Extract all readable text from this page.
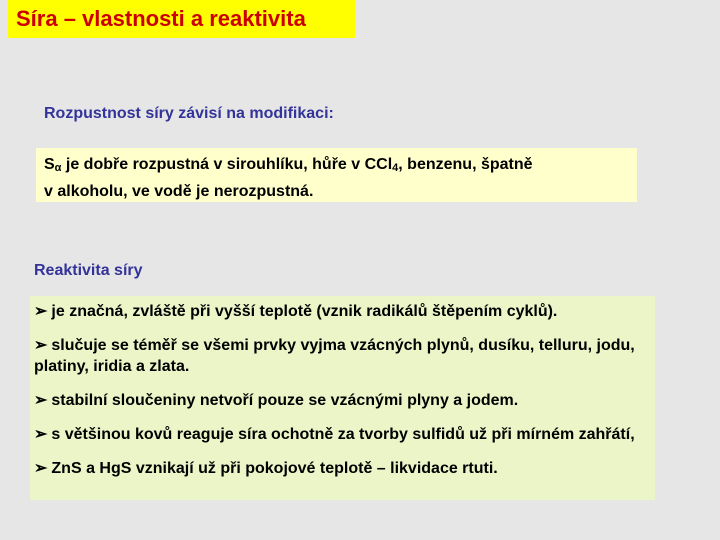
Síra – vlastnosti a reaktivita
Rozpustnost síry závisí na modifikaci:
$S_\alpha$ je dobře rozpustná v sirouhlíku, hůře v CCl$_4$, benzenu, špatně
v alkoholu, ve vodě je nerozpustná.
Reaktivita síry
➢ je značná, zvláště při vyšší teplotě (vznik radikálů štěpením cyklů).
➢ slučuje se téměř se všemi prvky vyjma vzácných plynů, dusíku, telluru, jodu, platiny, iridia a zlata.
➢ stabilní sloučeniny netvoří pouze se vzácnými plyny a jodem.
➢ s většinou kovů reaguje síra ochotně za tvorby sulfidů už při mírném zahřátí,
➢ ZnS a HgS vznikají už při pokojové teplotě – likvidace rtuti.
